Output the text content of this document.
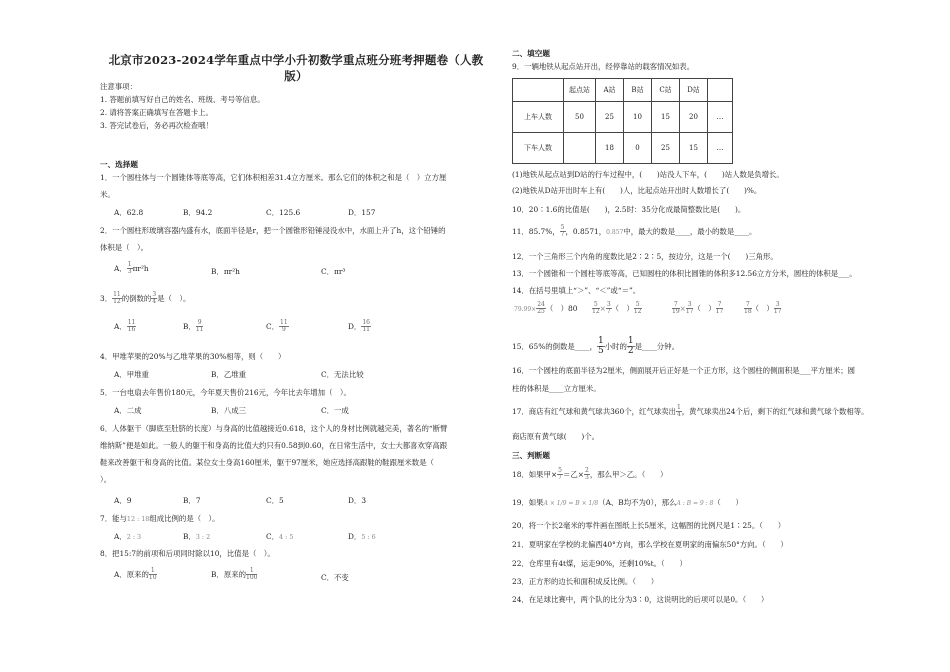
北京市2023-2024学年重点中学小升初数学重点班分班考押题卷（人教版）
注意事项：
1. 答题前填写好自己的姓名、班级、考号等信息。
2. 请将答案正确填写在答题卡上。
3. 答完试卷后，务必再次检查哦！
一、选择题
1．一个圆柱体与一个圆锥体等底等高，它们体积相差31.4立方厘米。那么它们的体积之和是（　）立方厘
米。
A．62.8	B．94.2	C．125.6	D．157
2．一个圆柱形玻璃容器内盛有水，底面半径是r，把一个圆锥形铅锤浸没水中，水面上升了h，这个铅锤的
体积是（　）。
A． $\frac{1}{3} \pi r^2h$	B．πr²h	C．πr³
3． $\frac{11}{12}$ 的倒数的 $\frac{3}{4}$ 是（　）。
A． $\frac{11}{16}$	B． $\frac{9}{11}$	C． $\frac{11}{9}$	D． $\frac{16}{11}$
4．甲堆苹果的20%与乙堆苹果的30%相等，则（　　）
A．甲堆重	B．乙堆重	C．无法比较
5．一台电扇去年售价180元，今年夏天售价216元，今年比去年增加（　）。
A．二成	B．八成三	C．一成
6．人体躯干（脚底至肚脐的长度）与身高的比值越接近0.618，这个人的身材比例就越完美，著名的“断臂
维纳斯”便是如此。一般人的躯干和身高的比值大约只有0.58到0.60，在日常生活中，女士大都喜欢穿高跟
鞋来改善躯干和身高的比值。某位女士身高160厘米，躯干97厘米，她应选择高跟鞋的鞋跟厘米数是（
）。
A．9	B．7	C．5	D．3
7．能与12 : 18组成比例的是（　）。
A．2 : 3	B．3 : 2	C．4 : 5	D．5 : 6
8．把15:7的前项和后项同时除以10，比值是（　）。
A．原来的 $\frac{1}{10}$	B．原来的 $\frac{1}{100}$	C．不变
二、填空题
9．一辆地铁从起点站开出，经停靠站的载客情况如表。
	起点站	A站	B站	C站	D站	
上车人数	50	25	10	15	20	…
下车人数		18	0	25	15	…
(1)地铁从起点站到D站的行车过程中，(　　)站没人下车，(　　)站人数是负增长。
(2)地铁从D站开出时车上有(　　)人，比起点站开出时人数增长了(　　)%。
10．20∶1.6的比值是(　　)，2.5时：35分化成最简整数比是(　　)。
11．85.7%， $\frac{5}{7}$ ，0.8571，0.857中，最大的数是____，最小的数是____。
12．一个三角形三个内角的度数比是2∶2∶5，按边分，这是一个(　　)三角形。
13．一个圆锥和一个圆柱等底等高，已知圆柱的体积比圆锥的体积多12.56立方分米，圆柱的体积是___。
14．在括号里填上“＞”、“＜”或“＝”。
$79.99\times \frac{24}{25}$ （　）$80 \frac{5}{12} \times \frac{3}{7}$ （　） $\frac{5}{12}$	$\frac{7}{19} \times \frac{3}{17}$ （　） $\frac{7}{17}$	$\frac{7}{18}$ （　） $\frac{3}{17}$
15．65%的倒数是____， $\frac{1}{5}$ 小时的 $\frac{1}{2}$ 是____分钟。
16．一个圆柱的底面半径为2厘米，侧面展开后正好是一个正方形，这个圆柱的侧面积是___平方厘米；圆
柱的体积是____立方厘米。
17．商店有红气球和黄气球共360个，红气球卖出 $\frac{1}{4}$ ，黄气球卖出24个后，剩下的红气球和黄气球个数相等。
商店原有黄气球(　　)个。
三、判断题
18．如果甲× $\frac{5}{7}$ ＝乙× $\frac{2}{3}$ ，那么甲＞乙。（　　）
19．如果A × 1/9 = B × 1/8（A、B均不为0），那么A : B = 9 : 8（　　）
20．将一个长2毫米的零件画在图纸上长5厘米，这幅图的比例尺是1∶25。（　　）
21．夏明家在学校的北偏西40°方向，那么学校在夏明家的南偏东50°方向。（　　）
22．仓库里有4t煤，运走90%，还剩10%t。（　　）
23．正方形的边长和面积成反比例。（　　）
24．在足球比赛中，两个队的比分为3∶0，这说明比的后项可以是0。（　　）
